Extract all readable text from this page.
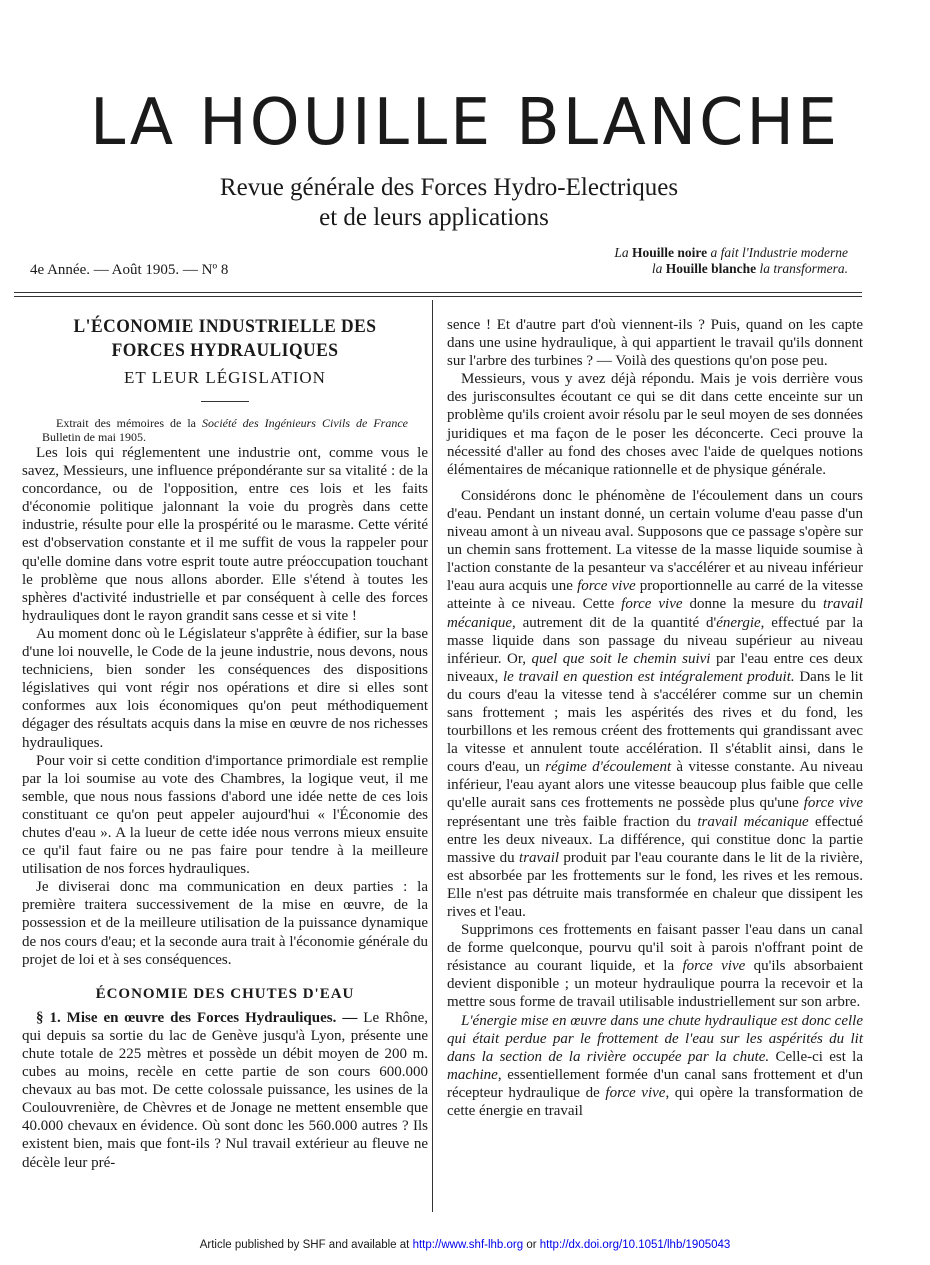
LA HOUILLE BLANCHE
Revue générale des Forces Hydro-Electriques
et de leurs applications
4e Année. — Août 1905. — Nº 8
La Houille noire a fait l'Industrie moderne
la Houille blanche la transformera.
L'ÉCONOMIE INDUSTRIELLE DES FORCES HYDRAULIQUES
ET LEUR LÉGISLATION

Extrait des mémoires de la Société des Ingénieurs Civils de France Bulletin de mai 1905.

Les lois qui réglementent une industrie ont, comme vous le savez, Messieurs, une influence prépondérante sur sa vitalité : de la concordance, ou de l'opposition, entre ces lois et les faits d'économie politique jalonnant la voie du progrès dans cette industrie, résulte pour elle la prospérité ou le marasme. Cette vérité est d'observation constante et il me suffit de vous la rappeler pour qu'elle domine dans votre esprit toute autre préoccupation touchant le problème que nous allons aborder. Elle s'étend à toutes les sphères d'activité industrielle et par conséquent à celle des forces hydrauliques dont le rayon grandit sans cesse et si vite !

Au moment donc où le Législateur s'apprête à édifier, sur la base d'une loi nouvelle, le Code de la jeune industrie, nous devons, nous techniciens, bien sonder les conséquences des dispositions législatives qui vont régir nos opérations et dire si elles sont conformes aux lois économiques qu'on peut méthodiquement dégager des résultats acquis dans la mise en œuvre de nos richesses hydrauliques.

Pour voir si cette condition d'importance primordiale est remplie par la loi soumise au vote des Chambres, la logique veut, il me semble, que nous nous fassions d'abord une idée nette de ces lois constituant ce qu'on peut appeler aujourd'hui « l'Économie des chutes d'eau ». A la lueur de cette idée nous verrons mieux ensuite ce qu'il faut faire ou ne pas faire pour tendre à la meilleure utilisation de nos forces hydrauliques.

Je diviserai donc ma communication en deux parties : la première traitera successivement de la mise en œuvre, de la possession et de la meilleure utilisation de la puissance dynamique de nos cours d'eau; et la seconde aura trait à l'économie générale du projet de loi et à ses conséquences.

ÉCONOMIE DES CHUTES D'EAU

§ 1. Mise en œuvre des Forces Hydrauliques. — Le Rhône, qui depuis sa sortie du lac de Genève jusqu'à Lyon, présente une chute totale de 225 mètres et possède un débit moyen de 200 m. cubes au moins, recèle en cette partie de son cours 600.000 chevaux au bas mot. De cette colossale puissance, les usines de la Coulouvrenière, de Chèvres et de Jonage ne mettent ensemble que 40.000 chevaux en évidence. Où sont donc les 560.000 autres ? Ils existent bien, mais que font-ils ? Nul travail extérieur au fleuve ne décèle leur pré-

sence ! Et d'autre part d'où viennent-ils ? Puis, quand on les capte dans une usine hydraulique, à qui appartient le travail qu'ils donnent sur l'arbre des turbines ? — Voilà des questions qu'on pose peu.

Messieurs, vous y avez déjà répondu. Mais je vois derrière vous des jurisconsultes écoutant ce qui se dit dans cette enceinte sur un problème qu'ils croient avoir résolu par le seul moyen de ses données juridiques et ma façon de le poser les déconcerte. Ceci prouve la nécessité d'aller au fond des choses avec l'aide de quelques notions élémentaires de mécanique rationnelle et de physique générale.

Considérons donc le phénomène de l'écoulement dans un cours d'eau. Pendant un instant donné, un certain volume d'eau passe d'un niveau amont à un niveau aval. Supposons que ce passage s'opère sur un chemin sans frottement. La vitesse de la masse liquide soumise à l'action constante de la pesanteur va s'accélérer et au niveau inférieur l'eau aura acquis une force vive proportionnelle au carré de la vitesse atteinte à ce niveau. Cette force vive donne la mesure du travail mécanique, autrement dit de la quantité d'énergie, effectué par la masse liquide dans son passage du niveau supérieur au niveau inférieur. Or, quel que soit le chemin suivi par l'eau entre ces deux niveaux, le travail en question est intégralement produit. Dans le lit du cours d'eau la vitesse tend à s'accélérer comme sur un chemin sans frottement ; mais les aspérités des rives et du fond, les tourbillons et les remous créent des frottements qui grandissant avec la vitesse et annulent toute accélération. Il s'établit ainsi, dans le cours d'eau, un régime d'écoulement à vitesse constante. Au niveau inférieur, l'eau ayant alors une vitesse beaucoup plus faible que celle qu'elle aurait sans ces frottements ne possède plus qu'une force vive représentant une très faible fraction du travail mécanique effectué entre les deux niveaux. La différence, qui constitue donc la partie massive du travail produit par l'eau courante dans le lit de la rivière, est absorbée par les frottements sur le fond, les rives et les remous. Elle n'est pas détruite mais transformée en chaleur que dissipent les rives et l'eau.

Supprimons ces frottements en faisant passer l'eau dans un canal de forme quelconque, pourvu qu'il soit à parois n'offrant point de résistance au courant liquide, et la force vive qu'ils absorbaient devient disponible ; un moteur hydraulique pourra la recevoir et la mettre sous forme de travail utilisable industriellement sur son arbre.

L'énergie mise en œuvre dans une chute hydraulique est donc celle qui était perdue par le frottement de l'eau sur les aspérités du lit dans la section de la rivière occupée par la chute. Celle-ci est la machine, essentiellement formée d'un canal sans frottement et d'un récepteur hydraulique de force vive, qui opère la transformation de cette énergie en travail

Article published by SHF and available at http://www.shf-lhb.org or http://dx.doi.org/10.1051/lhb/1905043
